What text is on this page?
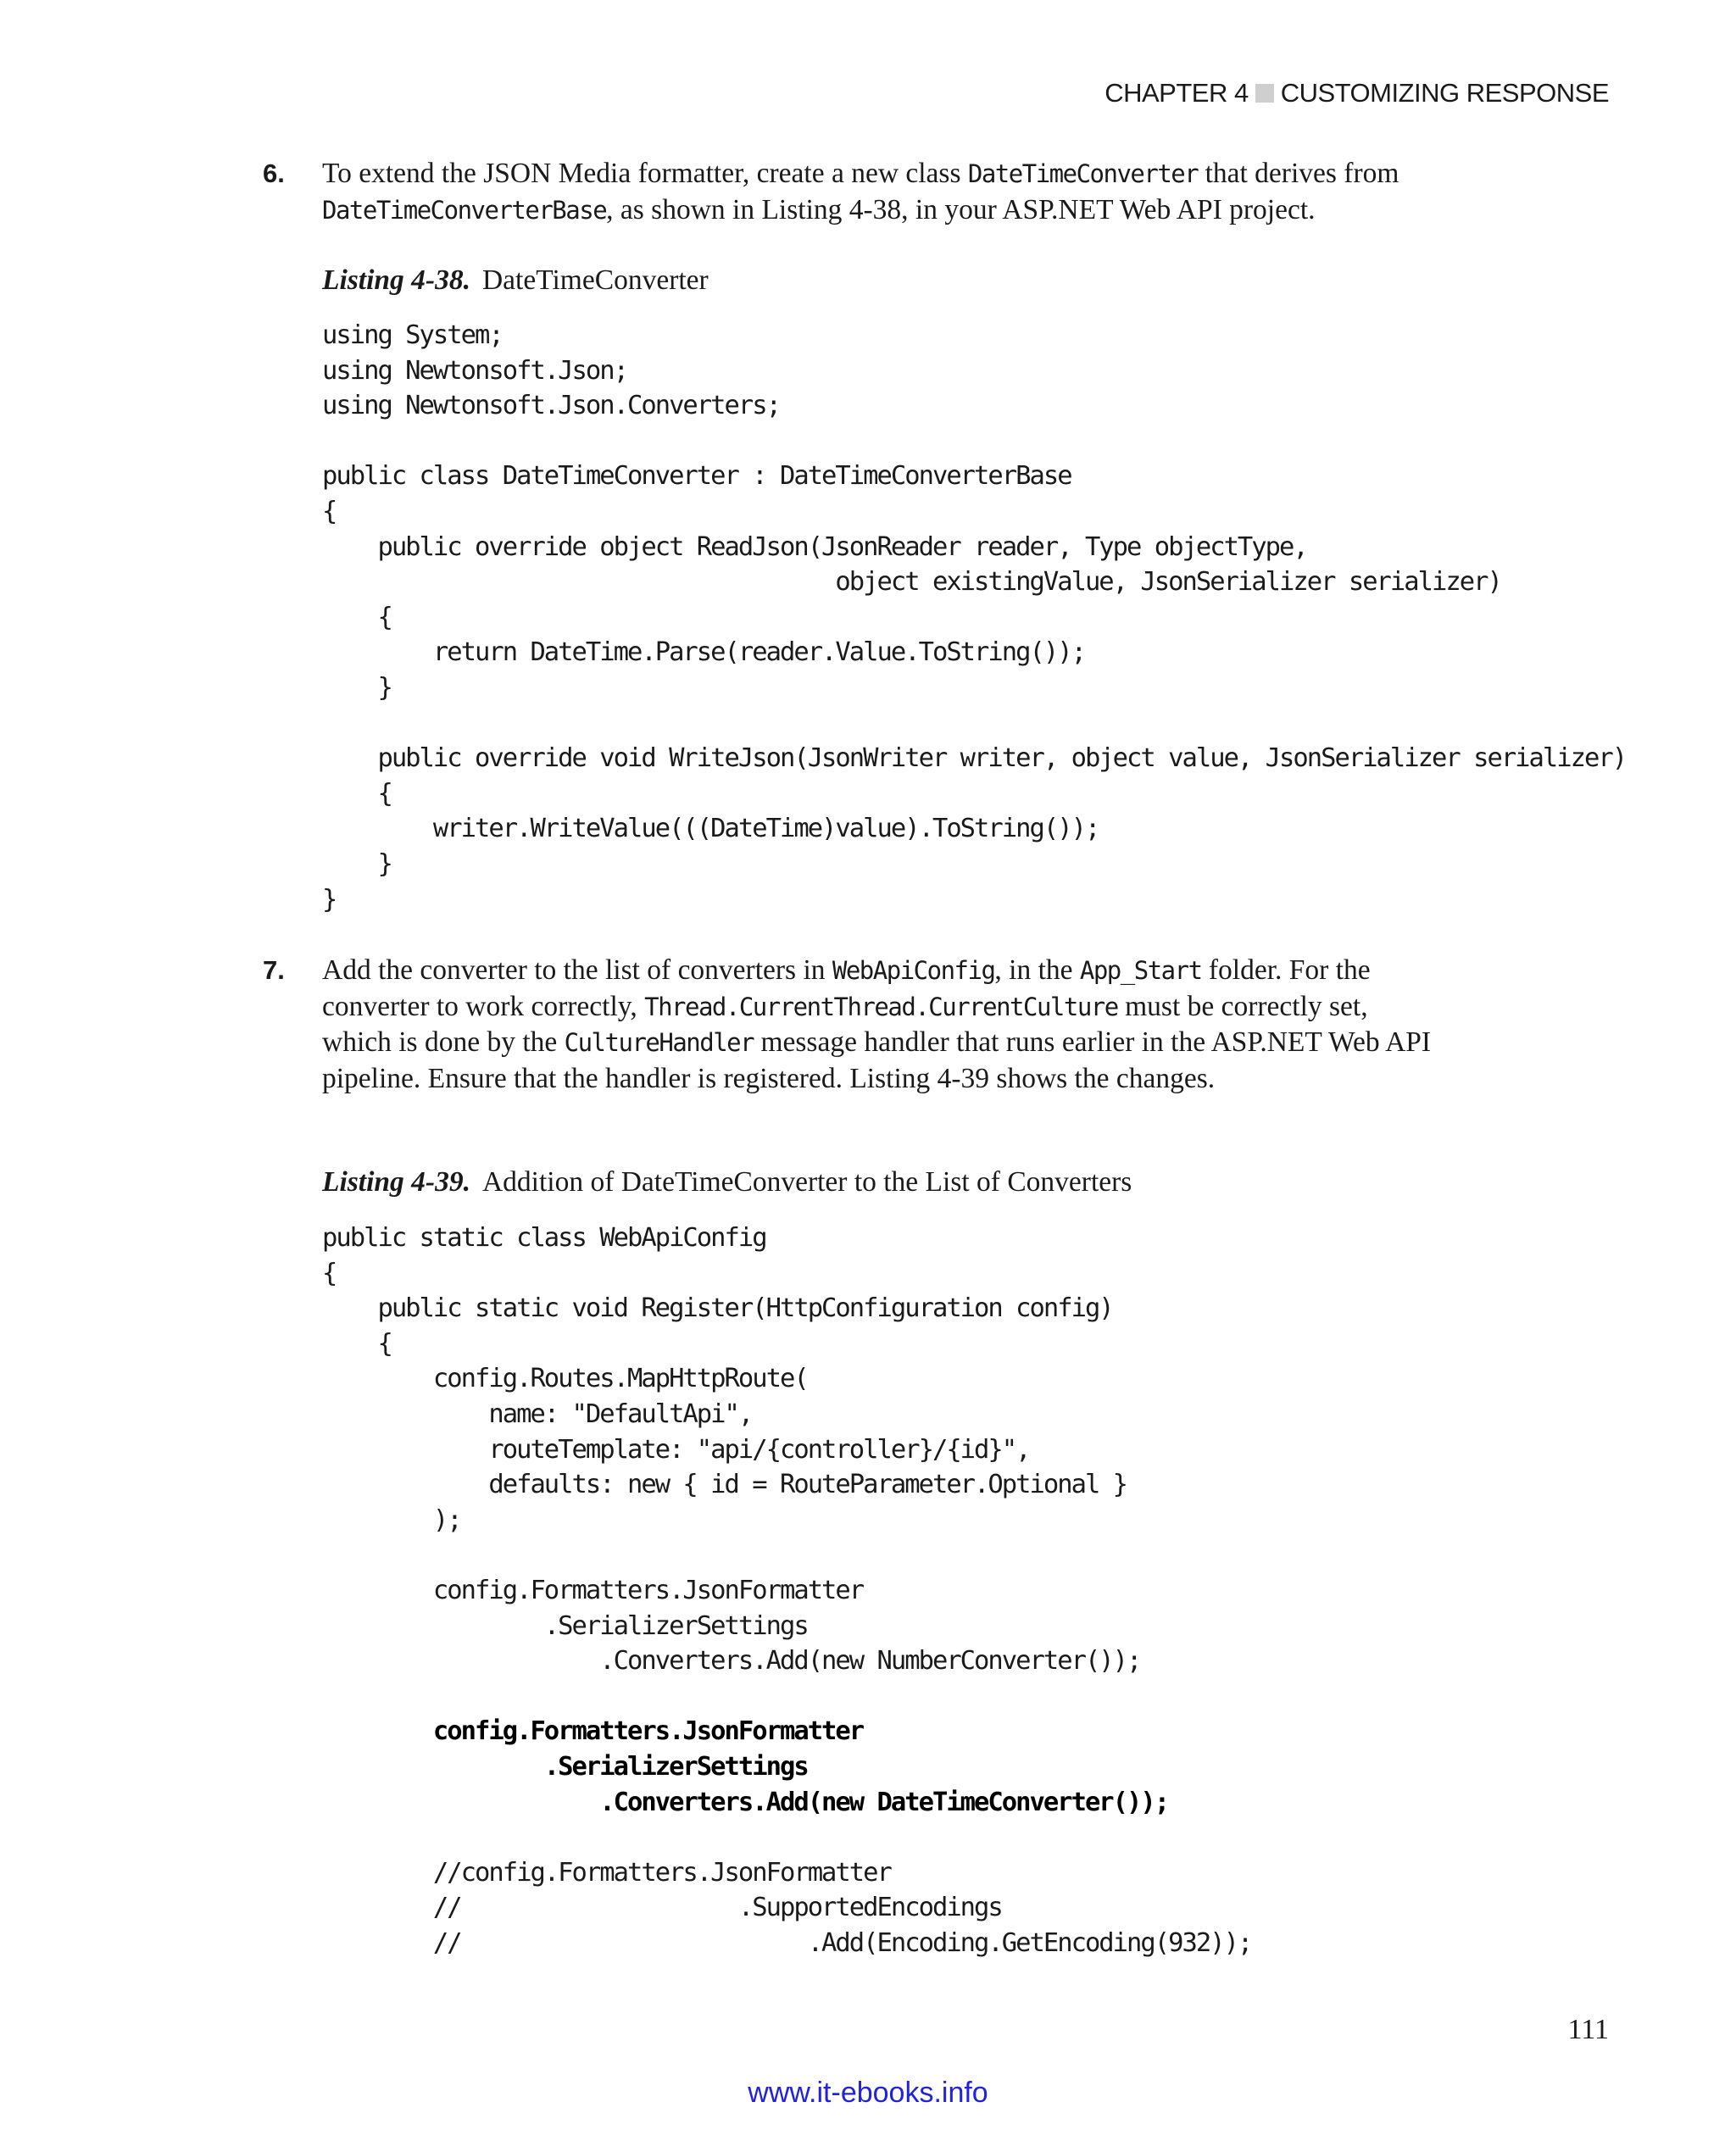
CHAPTER 4 CUSTOMIZING RESPONSE
6. To extend the JSON Media formatter, create a new class DateTimeConverter that derives from DateTimeConverterBase, as shown in Listing 4-38, in your ASP.NET Web API project.
Listing 4-38. DateTimeConverter
using System;
using Newtonsoft.Json;
using Newtonsoft.Json.Converters;

public class DateTimeConverter : DateTimeConverterBase
{
public override object ReadJson(JsonReader reader, Type objectType,
object existingValue, JsonSerializer serializer)
{
return DateTime.Parse(reader.Value.ToString());
}

public override void WriteJson(JsonWriter writer, object value, JsonSerializer serializer)
{
writer.WriteValue(((DateTime)value).ToString());
}
}
7. Add the converter to the list of converters in WebApiConfig, in the App_Start folder. For the converter to work correctly, Thread.CurrentThread.CurrentCulture must be correctly set, which is done by the CultureHandler message handler that runs earlier in the ASP.NET Web API pipeline. Ensure that the handler is registered. Listing 4-39 shows the changes.
Listing 4-39. Addition of DateTimeConverter to the List of Converters
public static class WebApiConfig
{
public static void Register(HttpConfiguration config)
{
config.Routes.MapHttpRoute(
name: "DefaultApi",
routeTemplate: "api/{controller}/{id}",
defaults: new { id = RouteParameter.Optional }
);

config.Formatters.JsonFormatter
.SerializerSettings
.Converters.Add(new NumberConverter());

config.Formatters.JsonFormatter
.SerializerSettings
.Converters.Add(new DateTimeConverter());

//config.Formatters.JsonFormatter
//                    .SupportedEncodings
//                         .Add(Encoding.GetEncoding(932));
111
www.it-ebooks.info
